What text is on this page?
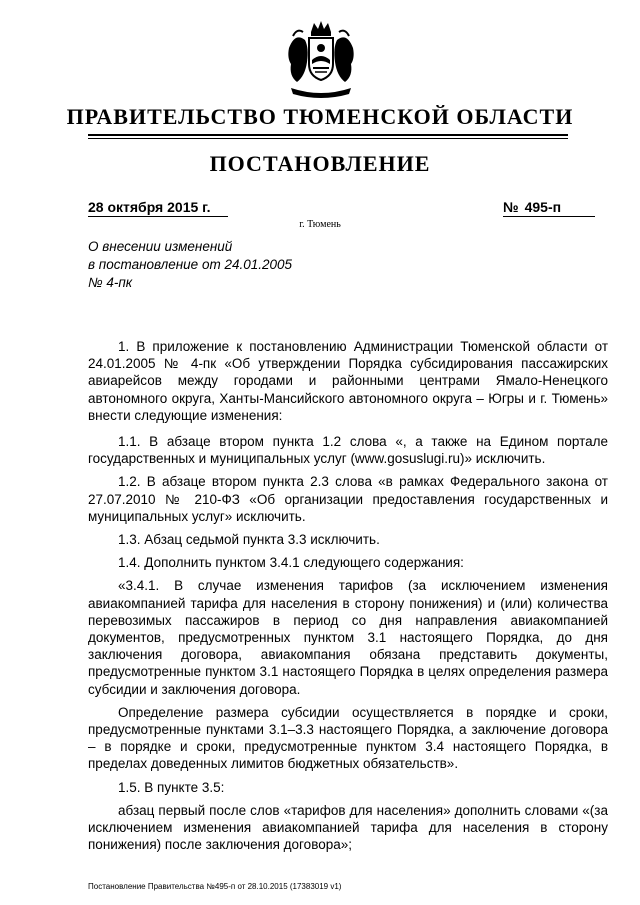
ПРАВИТЕЛЬСТВО ТЮМЕНСКОЙ ОБЛАСТИ
ПОСТАНОВЛЕНИЕ
28 октября 2015 г.	№ 495-п
г. Тюмень
О внесении изменений
в постановление от 24.01.2005
№ 4-пк

1. В приложение к постановлению Администрации Тюменской области от 24.01.2005 № 4-пк «Об утверждении Порядка субсидирования пассажирских авиарейсов между городами и районными центрами Ямало-Ненецкого автономного округа, Ханты-Мансийского автономного округа – Югры и г. Тюмень» внести следующие изменения:

1.1. В абзаце втором пункта 1.2 слова «, а также на Едином портале государственных и муниципальных услуг (www.gosuslugi.ru)» исключить.

1.2. В абзаце втором пункта 2.3 слова «в рамках Федерального закона от 27.07.2010 № 210-ФЗ «Об организации предоставления государственных и муниципальных услуг» исключить.

1.3. Абзац седьмой пункта 3.3 исключить.

1.4. Дополнить пунктом 3.4.1 следующего содержания:

«3.4.1. В случае изменения тарифов (за исключением изменения авиакомпанией тарифа для населения в сторону понижения) и (или) количества перевозимых пассажиров в период со дня направления авиакомпанией документов, предусмотренных пунктом 3.1 настоящего Порядка, до дня заключения договора, авиакомпания обязана представить документы, предусмотренные пунктом 3.1 настоящего Порядка в целях определения размера субсидии и заключения договора.

Определение размера субсидии осуществляется в порядке и сроки, предусмотренные пунктами 3.1–3.3 настоящего Порядка, а заключение договора – в порядке и сроки, предусмотренные пунктом 3.4 настоящего Порядка, в пределах доведенных лимитов бюджетных обязательств».

1.5. В пункте 3.5:

абзац первый после слов «тарифов для населения» дополнить словами «(за исключением изменения авиакомпанией тарифа для населения в сторону понижения) после заключения договора»;

Постановление Правительства №495-п от 28.10.2015 (17383019 v1)
